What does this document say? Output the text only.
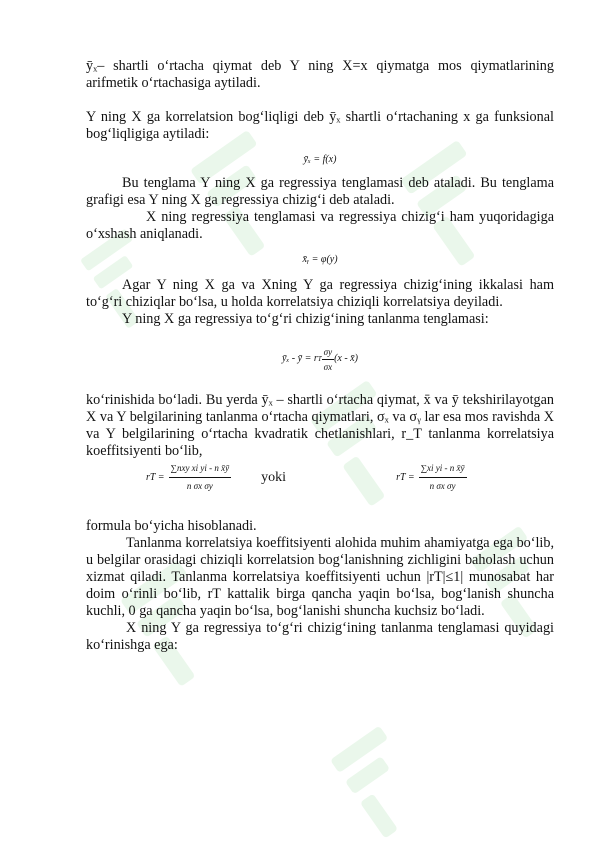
ȳₓ– shartli o‘rtacha qiymat deb Y ning X=x qiymatga mos qiymatlarining arifmetik o‘rtachasiga aytiladi.

Y ning X ga korrelatsion bog‘liqligi deb ȳₓ shartli o‘rtachaning x ga funksional bog‘liqligiga aytiladi:

ȳₓ = f(x)

Bu tenglama Y ning X ga regressiya tenglamasi deb ataladi. Bu tenglama grafigi esa Y ning X ga regressiya chizig‘i deb ataladi.

X ning regressiya tenglamasi va regressiya chizig‘i ham yuqoridagiga o‘xshash aniqlanadi.

x̄ᵧ = φ(y)

Agar Y ning X ga va Xning Y ga regressiya chizig‘ining ikkalasi ham to‘g‘ri chiziqlar bo‘lsa, u holda korrelatsiya chiziqli korrelatsiya deyiladi.

Y ning X ga regressiya to‘g‘ri chizig‘ining tanlanma tenglamasi:

ȳₓ - ȳ = r T $\frac{\sigma y}{\sigma x} (x$ - x̄)

ko‘rinishida bo‘ladi. Bu yerda ȳₓ – shartli o‘rtacha qiymat, x̄ va ȳ tekshirilayotgan X va Y belgilarining tanlanma o‘rtacha qiymatlari, σₓ va σᵧ lar esa mos ravishda X va Y belgilarining o‘rtacha kvadratik chetlanishlari, r_T tanlanma korrelatsiya koeffitsiyenti bo‘lib,

rT = $\frac{\text{∑nxy xi yi - n x̄ȳ}}{\text{n σx σy}}$ yoki	rT = $\frac{\text{∑xi yi - n x̄ȳ}}{\text{n σx σy}}$

formula bo‘yicha hisoblanadi.

Tanlanma korrelatsiya koeffitsiyenti alohida muhim ahamiyatga ega bo‘lib, u belgilar orasidagi chiziqli korrelatsion bog‘lanishning zichligini baholash uchun xizmat qiladi. Tanlanma korrelatsiya koeffitsiyenti uchun |rT|≤1| munosabat har doim o‘rinli bo‘lib, rT kattalik birga qancha yaqin bo‘lsa, bog‘lanish shuncha kuchli, 0 ga qancha yaqin bo‘lsa, bog‘lanishi shuncha kuchsiz bo‘ladi.

X ning Y ga regressiya to‘g‘ri chizig‘ining tanlanma tenglamasi quyidagi ko‘rinishga ega:
